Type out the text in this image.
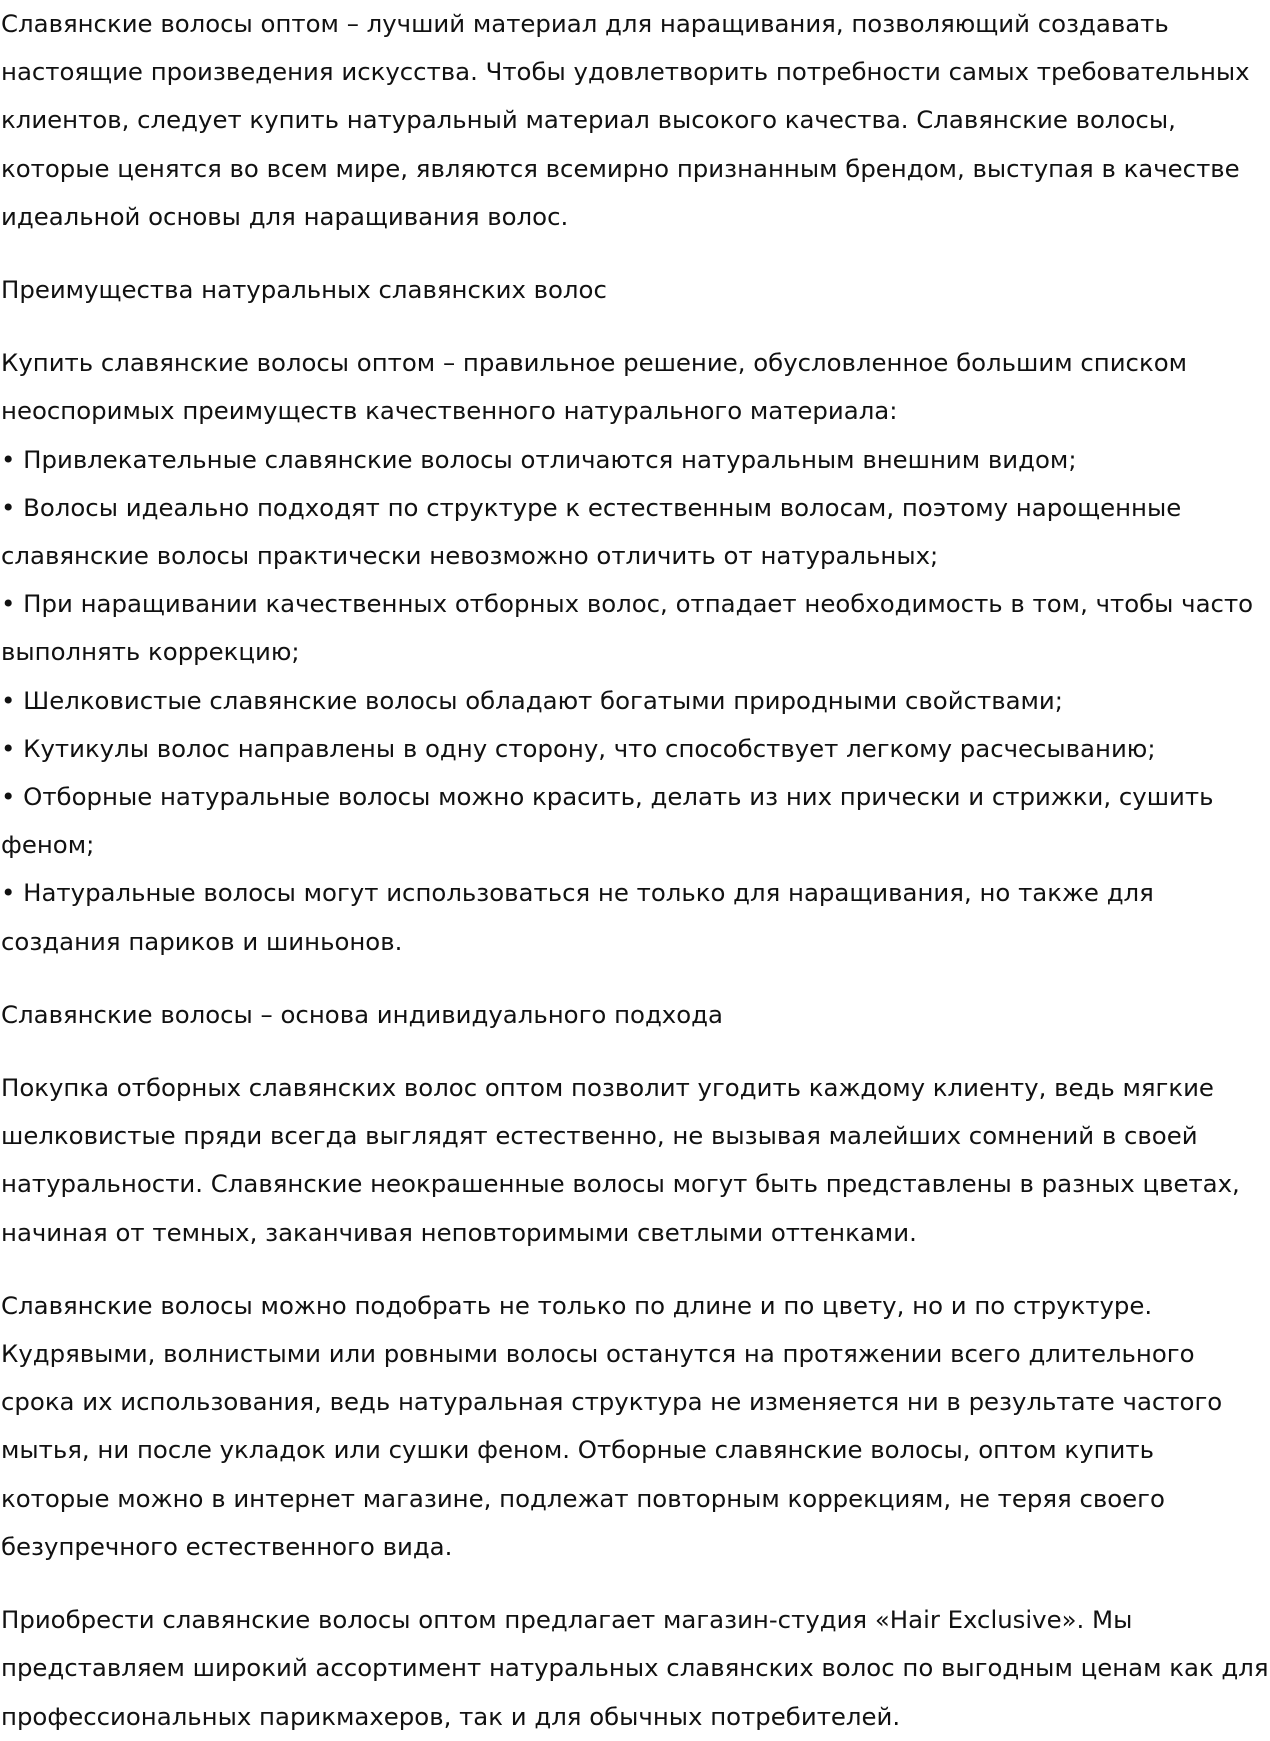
Славянские волосы оптом – лучший материал для наращивания, позволяющий создавать настоящие произведения искусства. Чтобы удовлетворить потребности самых требовательных клиентов, следует купить натуральный материал высокого качества. Славянские волосы, которые ценятся во всем мире, являются всемирно признанным брендом, выступая в качестве идеальной основы для наращивания волос.

Преимущества натуральных славянских волос
Купить славянские волосы оптом – правильное решение, обусловленное большим списком неоспоримых преимуществ качественного натурального материала:
• Привлекательные славянские волосы отличаются натуральным внешним видом;
• Волосы идеально подходят по структуре к естественным волосам, поэтому нарощенные славянские волосы практически невозможно отличить от натуральных;
• При наращивании качественных отборных волос, отпадает необходимость в том, чтобы часто выполнять коррекцию;
• Шелковистые славянские волосы обладают богатыми природными свойствами;
• Кутикулы волос направлены в одну сторону, что способствует легкому расчесыванию;
• Отборные натуральные волосы можно красить, делать из них прически и стрижки, сушить феном;
• Натуральные волосы могут использоваться не только для наращивания, но также для создания париков и шиньонов.
Славянские волосы – основа индивидуального подхода

Покупка отборных славянских волос оптом позволит угодить каждому клиенту, ведь мягкие шелковистые пряди всегда выглядят естественно, не вызывая малейших сомнений в своей натуральности. Славянские неокрашенные волосы могут быть представлены в разных цветах, начиная от темных, заканчивая неповторимыми светлыми оттенками.

Славянские волосы можно подобрать не только по длине и по цвету, но и по структуре. Кудрявыми, волнистыми или ровными волосы останутся на протяжении всего длительного срока их использования, ведь натуральная структура не изменяется ни в результате частого мытья, ни после укладок или сушки феном. Отборные славянские волосы, оптом купить которые можно в интернет магазине, подлежат повторным коррекциям, не теряя своего безупречного естественного вида.

Приобрести славянские волосы оптом предлагает магазин-студия «Hair Exclusive». Мы представляем широкий ассортимент натуральных славянских волос по выгодным ценам как для профессиональных парикмахеров, так и для обычных потребителей.
